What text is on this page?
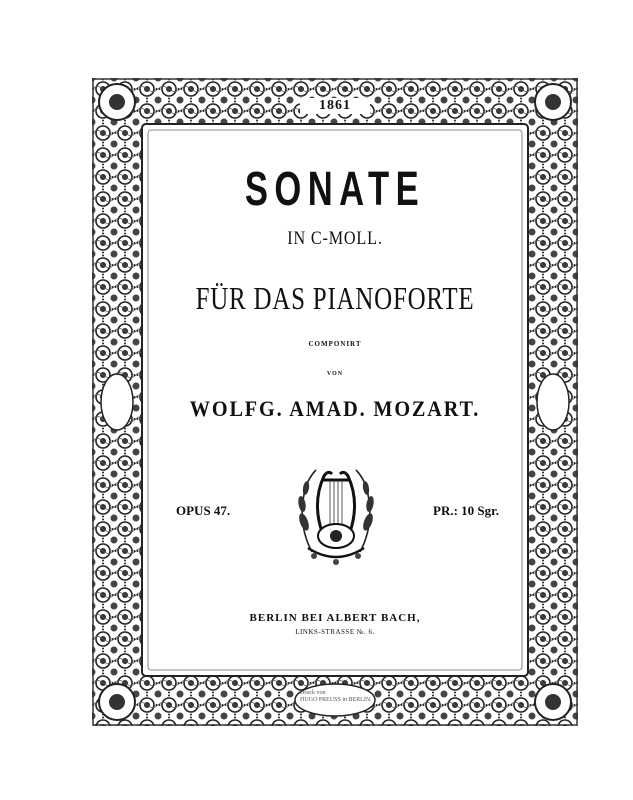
1861
SONATE
IN C-MOLL.
FÜR DAS PIANOFORTE
COMPONIRT
VON
WOLFG. AMAD. MOZART.
OPUS 47.	PR.: 10 Sgr.
BERLIN BEI ALBERT BACH,
LINKS-STRASSE №. 6.
Druck von
HUGO PREUSS in BERLIN.
